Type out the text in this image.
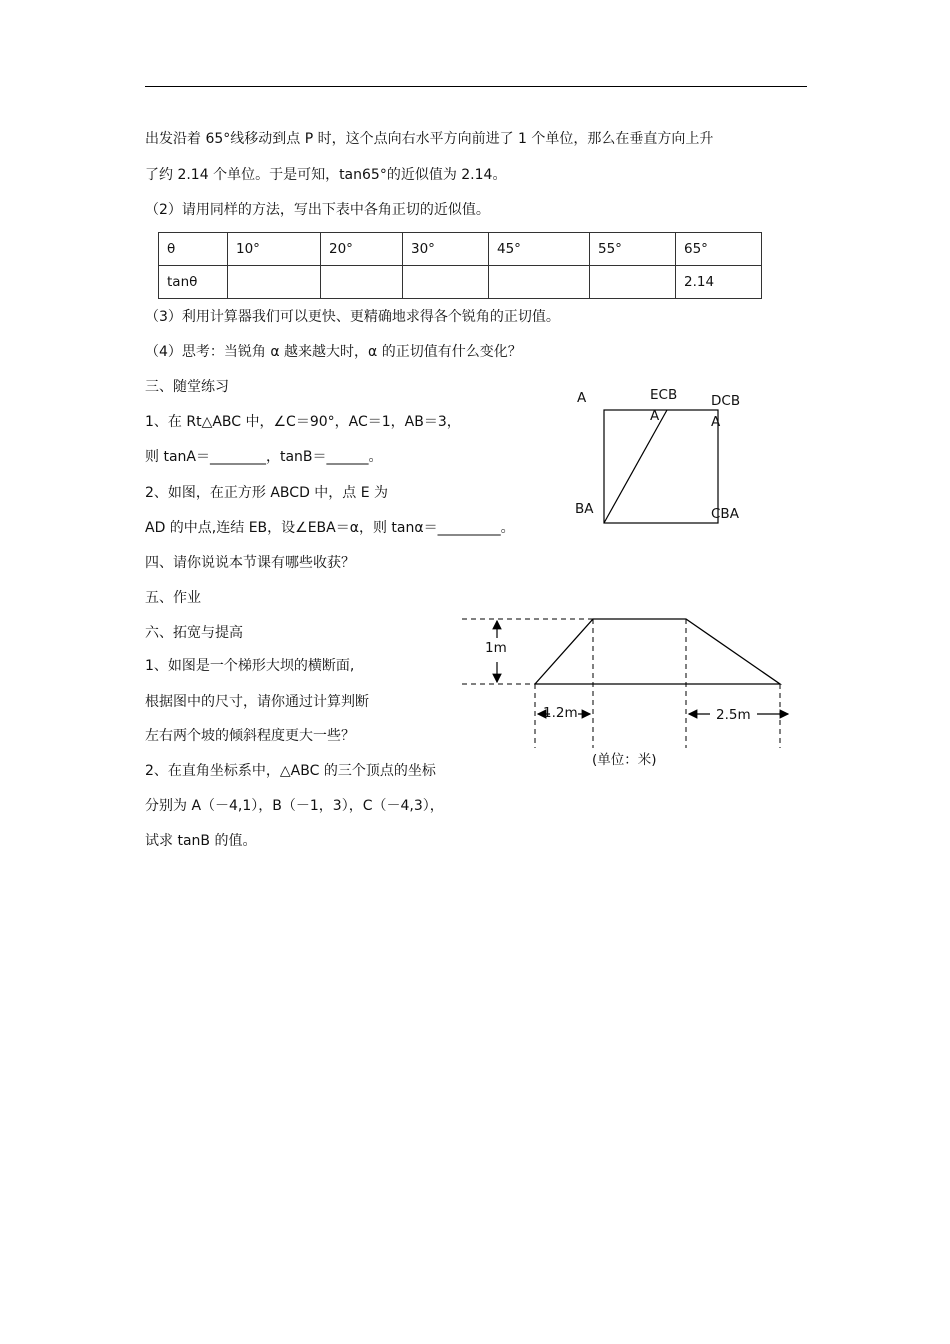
出发沿着 65°线移动到点 P 时，这个点向右水平方向前进了 1 个单位，那么在垂直方向上升
了约 2.14 个单位。于是可知，tan65°的近似值为 2.14。
（2）请用同样的方法，写出下表中各角正切的近似值。
θ	10°	20°	30°	45°	55°	65°
tanθ						2.14
（3）利用计算器我们可以更快、更精确地求得各个锐角的正切值。
（4）思考：当锐角 α 越来越大时，α 的正切值有什么变化？
三、随堂练习
1、在 Rt△ABC 中，∠C＝90°，AC＝1，AB＝3，
则 tanA＝________，tanB＝______。
2、如图，在正方形 ABCD 中，点 E 为
AD 的中点,连结 EB，设∠EBA＝α，则 tanα＝_________。
四、请你说说本节课有哪些收获？
五、作业
六、拓宽与提高
1、如图是一个梯形大坝的横断面,
根据图中的尺寸，请你通过计算判断
左右两个坡的倾斜程度更大一些？
2、在直角坐标系中，△ABC 的三个顶点的坐标
分别为 A（－4,1），B（－1，3），C（－4,3），
试求 tanB 的值。
A	ECB
A
DCB
A
BA	CBA
1m
1.2m	2.5m
(单位：米)
